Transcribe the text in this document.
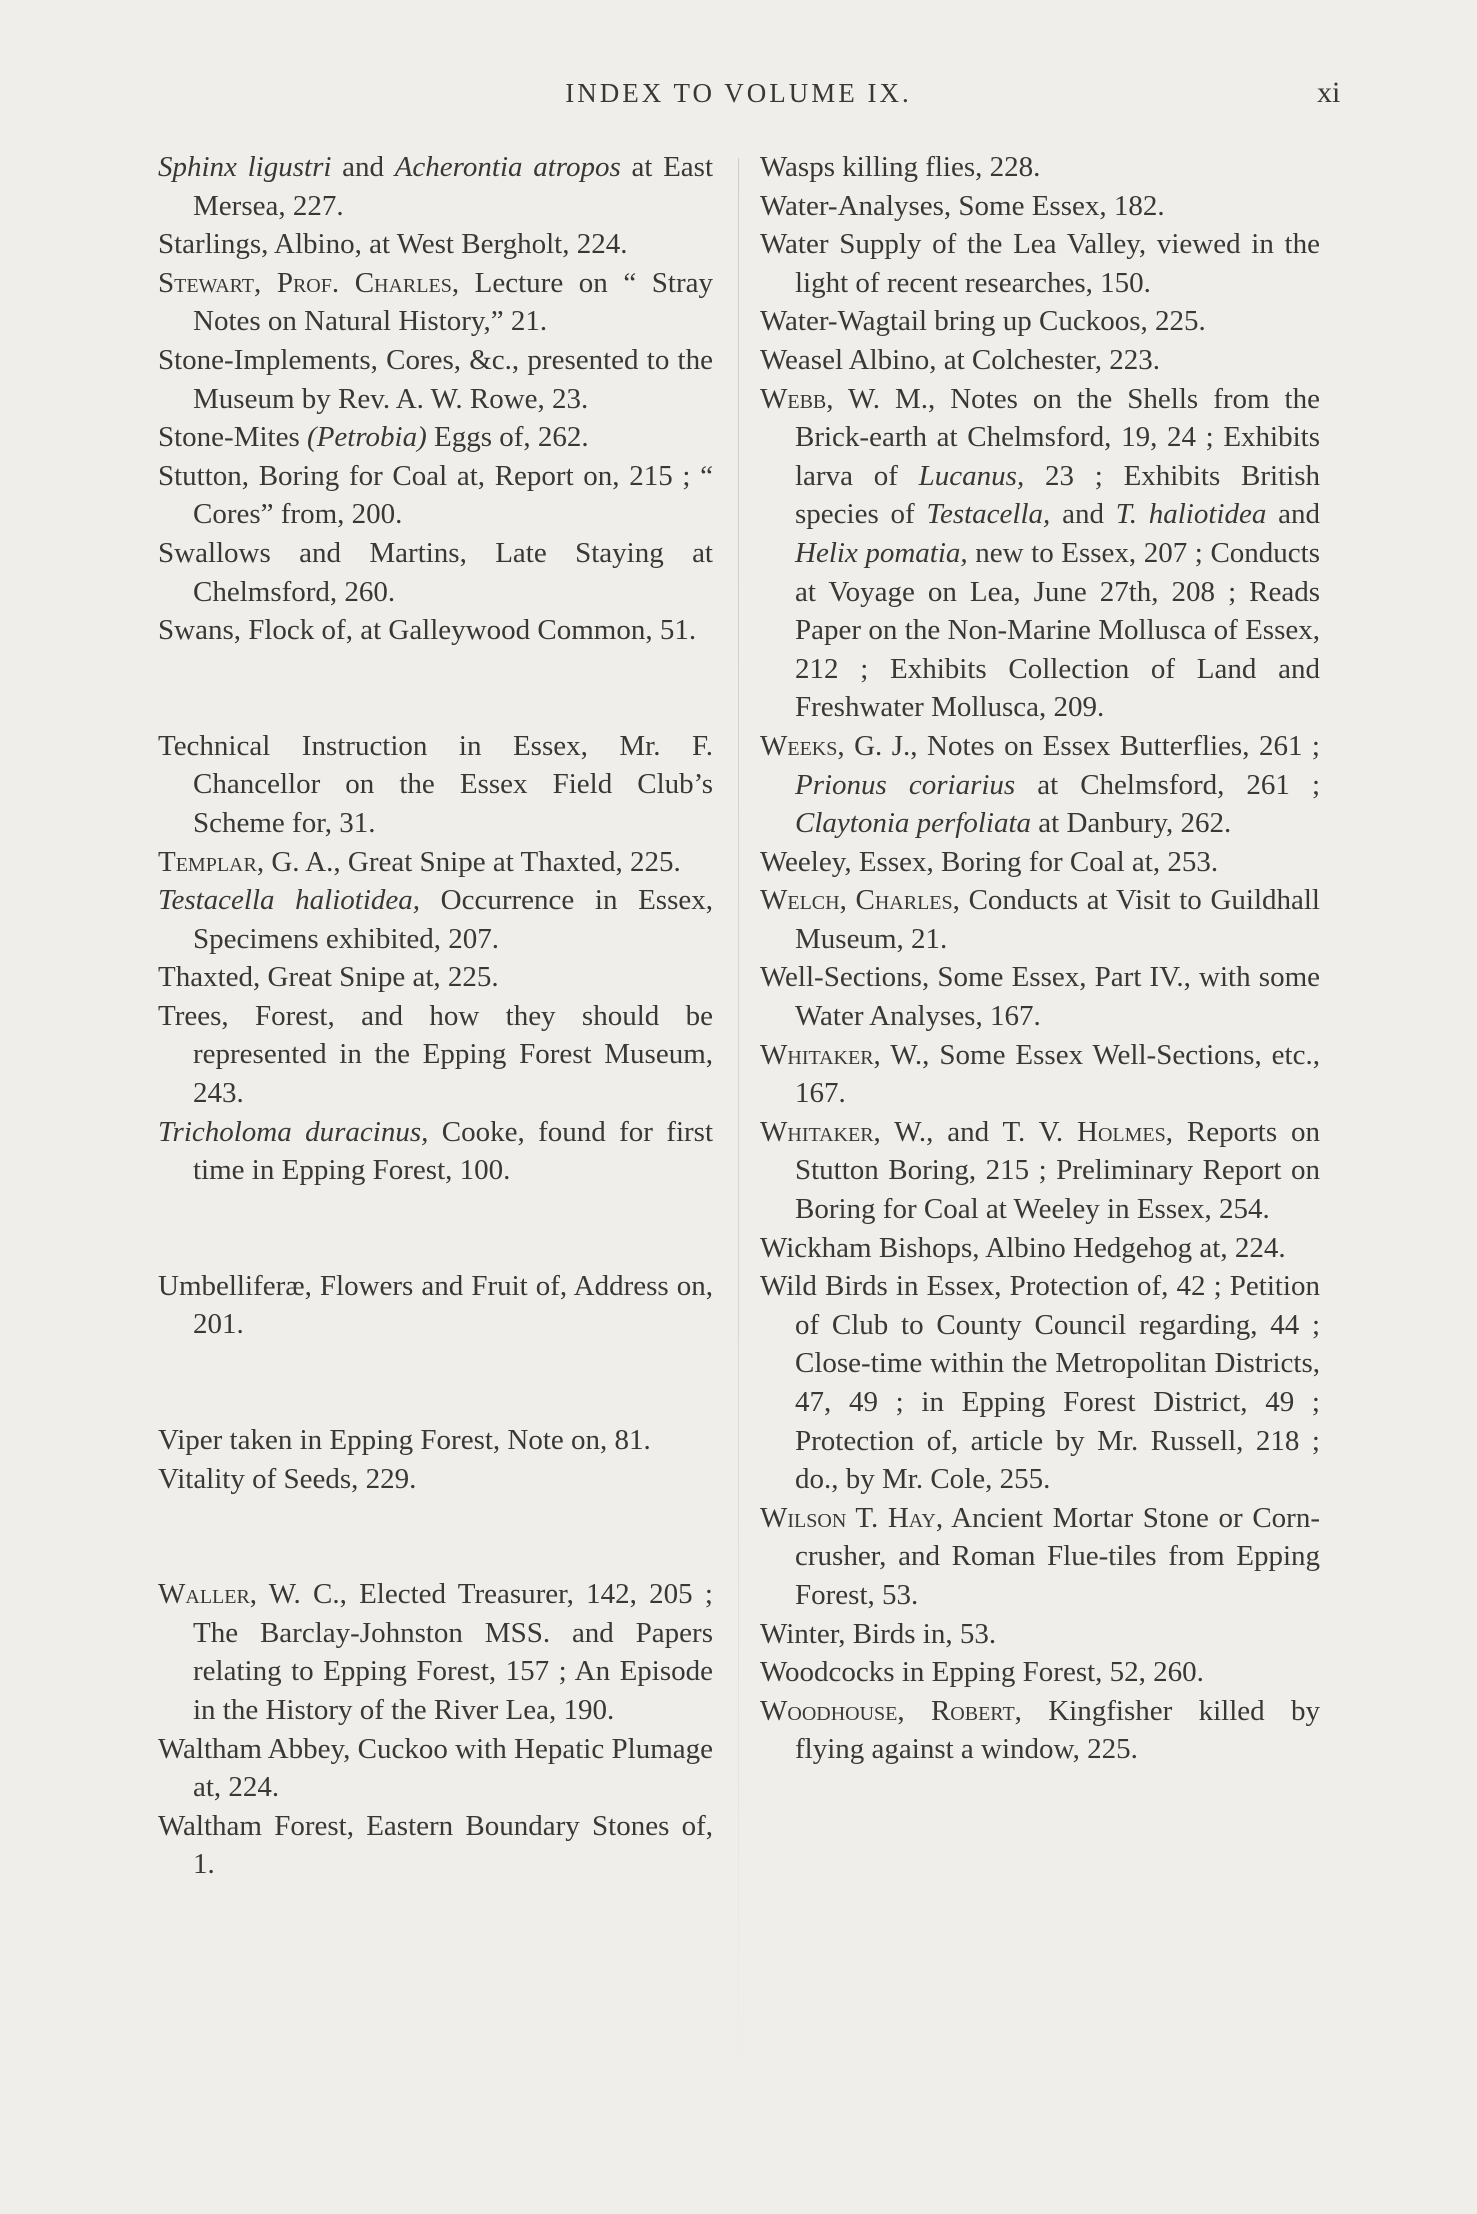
INDEX TO VOLUME IX.	xi

Sphinx ligustri and Acherontia atropos at East Mersea, 227.

Starlings, Albino, at West Bergholt, 224.

Stewart, Prof. Charles, Lecture on “ Stray Notes on Natural History,” 21.

Stone-Implements, Cores, &c., presented to the Museum by Rev. A. W. Rowe, 23.

Stone-Mites (Petrobia) Eggs of, 262.

Stutton, Boring for Coal at, Report on, 215 ; “ Cores” from, 200.

Swallows and Martins, Late Staying at Chelmsford, 260.

Swans, Flock of, at Galleywood Common, 51.

Technical Instruction in Essex, Mr. F. Chancellor on the Essex Field Club’s Scheme for, 31.

Templar, G. A., Great Snipe at Thaxted, 225.

Testacella haliotidea, Occurrence in Essex, Specimens exhibited, 207.

Thaxted, Great Snipe at, 225.

Trees, Forest, and how they should be represented in the Epping Forest Museum, 243.

Tricholoma duracinus, Cooke, found for first time in Epping Forest, 100.

Umbelliferæ, Flowers and Fruit of, Address on, 201.

Viper taken in Epping Forest, Note on, 81.

Vitality of Seeds, 229.

Waller, W. C., Elected Treasurer, 142, 205 ; The Barclay-Johnston MSS. and Papers relating to Epping Forest, 157 ; An Episode in the History of the River Lea, 190.

Waltham Abbey, Cuckoo with Hepatic Plumage at, 224.

Waltham Forest, Eastern Boundary Stones of, 1.

Wasps killing flies, 228.

Water-Analyses, Some Essex, 182.

Water Supply of the Lea Valley, viewed in the light of recent researches, 150.

Water-Wagtail bring up Cuckoos, 225.

Weasel Albino, at Colchester, 223.

Webb, W. M., Notes on the Shells from the Brick-earth at Chelmsford, 19, 24 ; Exhibits larva of Lucanus, 23 ; Exhibits British species of Testacella, and T. haliotidea and Helix pomatia, new to Essex, 207 ; Conducts at Voyage on Lea, June 27th, 208 ; Reads Paper on the Non-Marine Mollusca of Essex, 212 ; Exhibits Collection of Land and Freshwater Mollusca, 209.

Weeks, G. J., Notes on Essex Butterflies, 261 ; Prionus coriarius at Chelmsford, 261 ; Claytonia perfoliata at Danbury, 262.

Weeley, Essex, Boring for Coal at, 253.

Welch, Charles, Conducts at Visit to Guildhall Museum, 21.

Well-Sections, Some Essex, Part IV., with some Water Analyses, 167.

Whitaker, W., Some Essex Well-Sections, etc., 167.

Whitaker, W., and T. V. Holmes, Reports on Stutton Boring, 215 ; Preliminary Report on Boring for Coal at Weeley in Essex, 254.

Wickham Bishops, Albino Hedgehog at, 224.

Wild Birds in Essex, Protection of, 42 ; Petition of Club to County Council regarding, 44 ; Close-time within the Metropolitan Districts, 47, 49 ; in Epping Forest District, 49 ; Protection of, article by Mr. Russell, 218 ; do., by Mr. Cole, 255.

Wilson T. Hay, Ancient Mortar Stone or Corn-crusher, and Roman Flue-tiles from Epping Forest, 53.

Winter, Birds in, 53.

Woodcocks in Epping Forest, 52, 260.

Woodhouse, Robert, Kingfisher killed by flying against a window, 225.
